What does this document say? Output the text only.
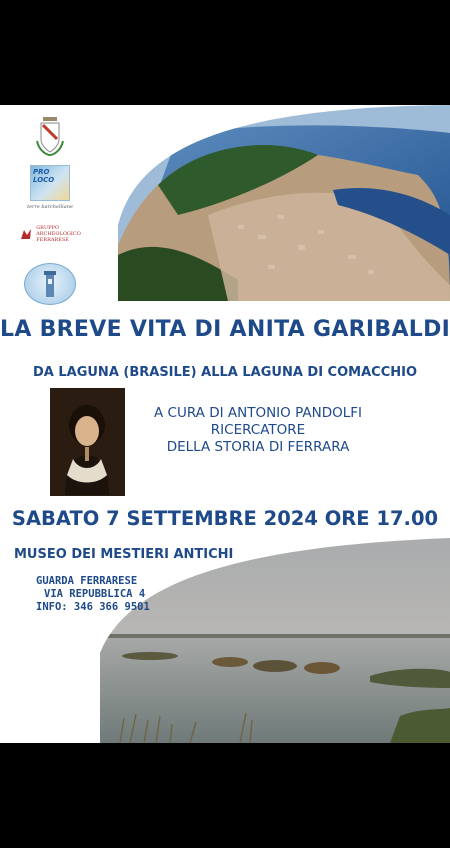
PRO LOCO
terre barchelliane
GRUPPO
ARCHEOLOGICO
FERRARESE
LA BREVE VITA DI ANITA GARIBALDI
DA LAGUNA (BRASILE) ALLA LAGUNA DI COMACCHIO
A CURA DI ANTONIO PANDOLFI
RICERCATORE
DELLA STORIA DI FERRARA
SABATO 7 SETTEMBRE 2024 ORE 17.00
MUSEO DEI MESTIERI ANTICHI
GUARDA FERRARESE
VIA REPUBBLICA 4
INFO: 346 366 9501
